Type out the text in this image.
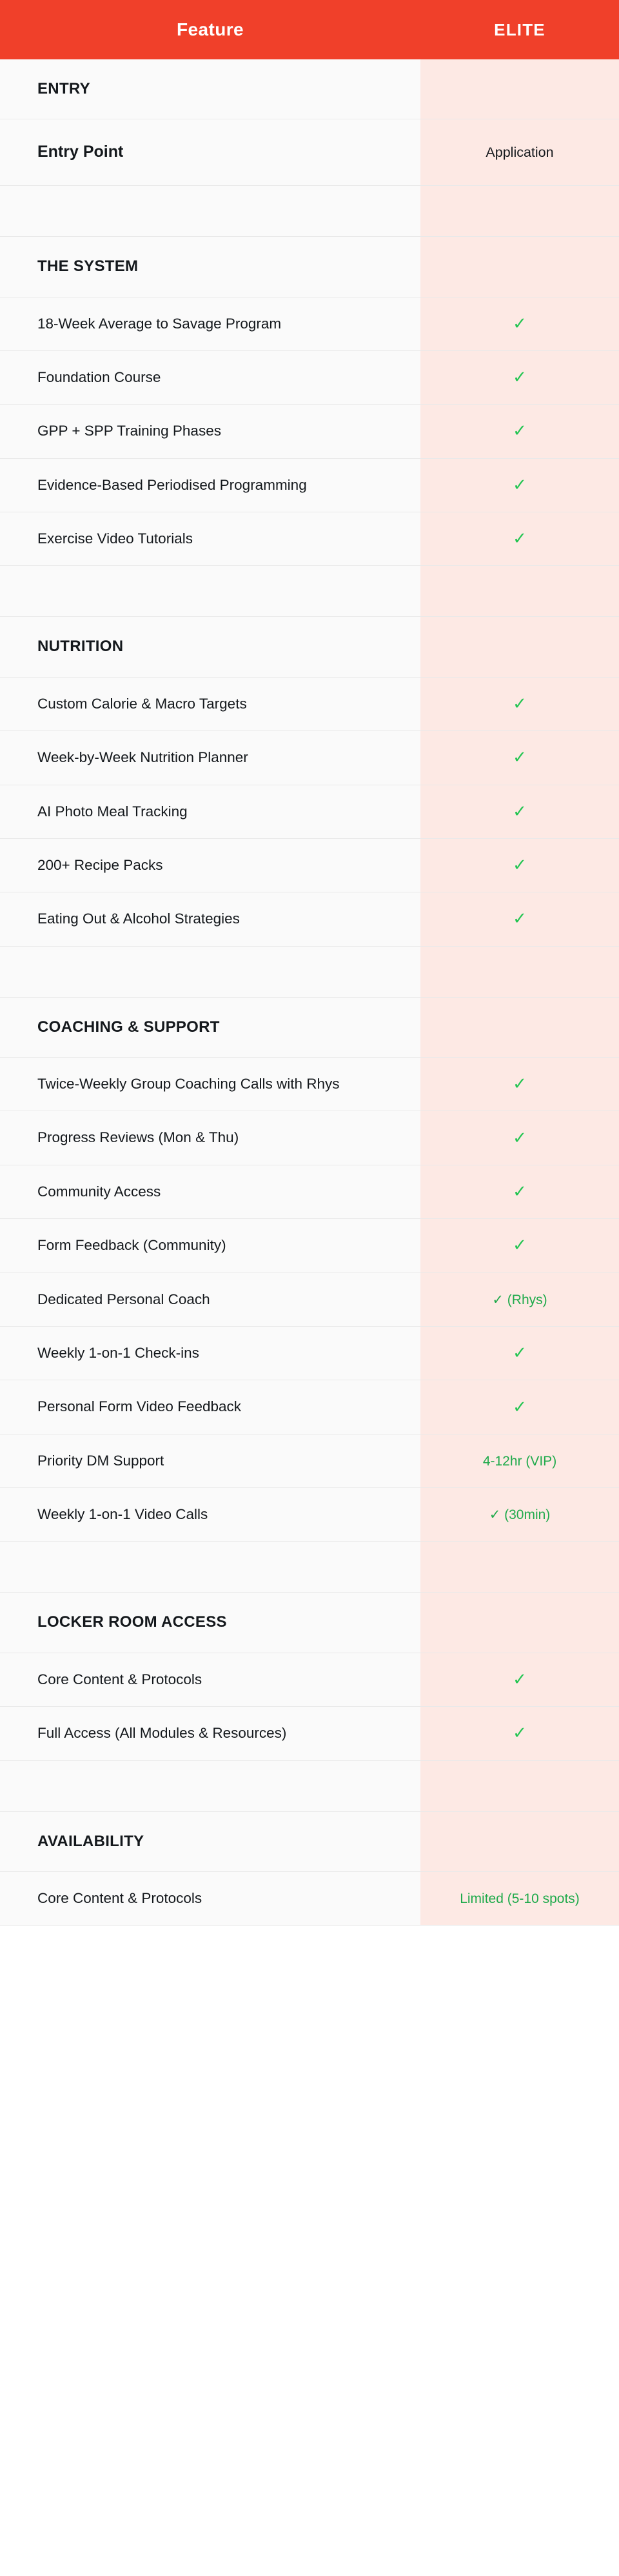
Feature	ELITE
ENTRY	
Entry Point	Application

THE SYSTEM	
18-Week Average to Savage Program	✓
Foundation Course	✓
GPP + SPP Training Phases	✓
Evidence-Based Periodised Programming	✓
Exercise Video Tutorials	✓

NUTRITION	
Custom Calorie & Macro Targets	✓
Week-by-Week Nutrition Planner	✓
AI Photo Meal Tracking	✓
200+ Recipe Packs	✓
Eating Out & Alcohol Strategies	✓

COACHING & SUPPORT	
Twice-Weekly Group Coaching Calls with Rhys	✓
Progress Reviews (Mon & Thu)	✓
Community Access	✓
Form Feedback (Community)	✓
Dedicated Personal Coach	✓ (Rhys)
Weekly 1-on-1 Check-ins	✓
Personal Form Video Feedback	✓
Priority DM Support	4-12hr (VIP)
Weekly 1-on-1 Video Calls	✓ (30min)

LOCKER ROOM ACCESS	
Core Content & Protocols	✓
Full Access (All Modules & Resources)	✓

AVAILABILITY	
Core Content & Protocols	Limited (5-10 spots)
